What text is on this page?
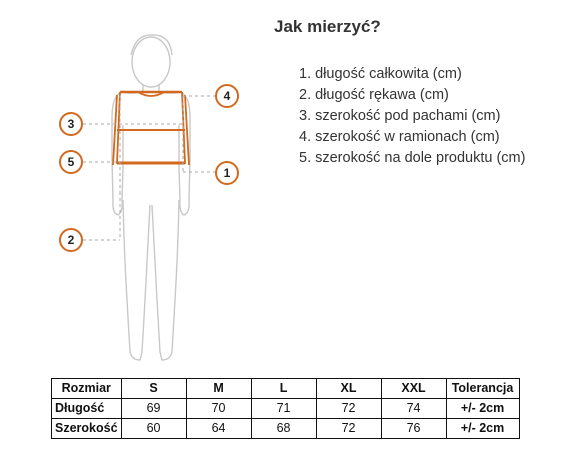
4
3
5
1
2
Jak mierzyć?
1. długość całkowita (cm)
2. długość rękawa (cm)
3. szerokość pod pachami (cm)
4. szerokość w ramionach (cm)
5. szerokość na dole produktu (cm)
Rozmiar	S	M	L	XL	XXL	Tolerancja
Długość	69	70	71	72	74	+/- 2cm
Szerokość	60	64	68	72	76	+/- 2cm
